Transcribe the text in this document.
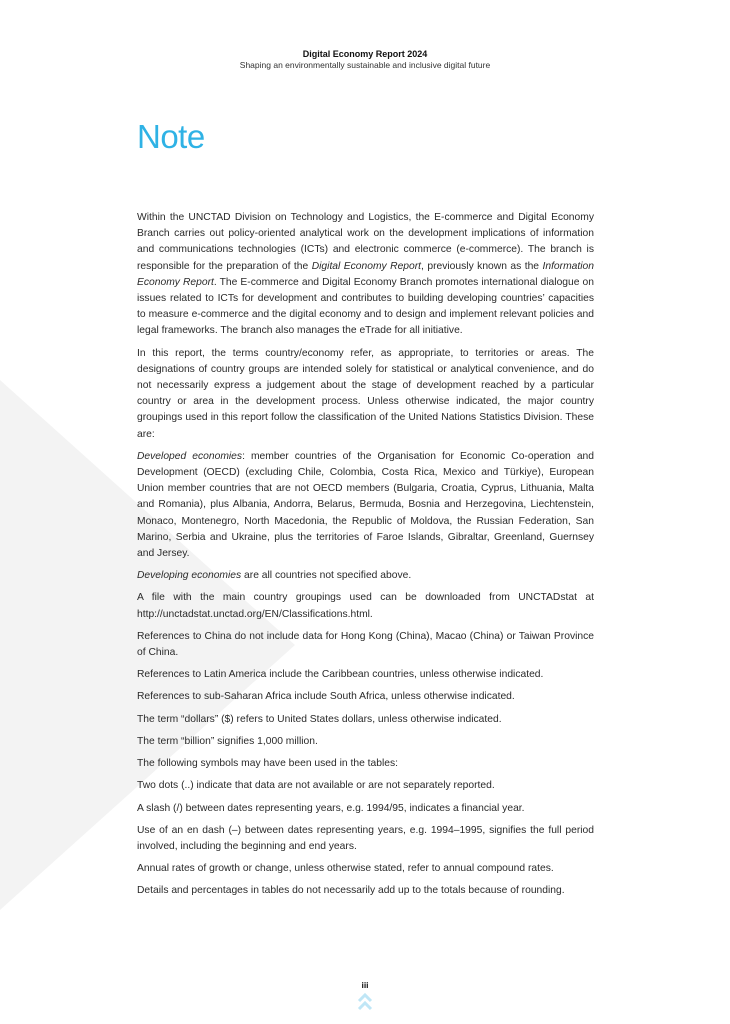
Digital Economy Report 2024
Shaping an environmentally sustainable and inclusive digital future
Note

Within the UNCTAD Division on Technology and Logistics, the E-commerce and Digital Economy Branch carries out policy-oriented analytical work on the development implications of information and communications technologies (ICTs) and electronic commerce (e-commerce). The branch is responsible for the preparation of the Digital Economy Report, previously known as the Information Economy Report. The E-commerce and Digital Economy Branch promotes international dialogue on issues related to ICTs for development and contributes to building developing countries’ capacities to measure e-commerce and the digital economy and to design and implement relevant policies and legal frameworks. The branch also manages the eTrade for all initiative.

In this report, the terms country/economy refer, as appropriate, to territories or areas. The designations of country groups are intended solely for statistical or analytical convenience, and do not necessarily express a judgement about the stage of development reached by a particular country or area in the development process. Unless otherwise indicated, the major country groupings used in this report follow the classification of the United Nations Statistics Division. These are:

Developed economies: member countries of the Organisation for Economic Co-operation and Development (OECD) (excluding Chile, Colombia, Costa Rica, Mexico and Türkiye), European Union member countries that are not OECD members (Bulgaria, Croatia, Cyprus, Lithuania, Malta and Romania), plus Albania, Andorra, Belarus, Bermuda, Bosnia and Herzegovina, Liechtenstein, Monaco, Montenegro, North Macedonia, the Republic of Moldova, the Russian Federation, San Marino, Serbia and Ukraine, plus the territories of Faroe Islands, Gibraltar, Greenland, Guernsey and Jersey.

Developing economies are all countries not specified above.

A file with the main country groupings used can be downloaded from UNCTADstat at http://unctadstat.unctad.org/EN/Classifications.html.

References to China do not include data for Hong Kong (China), Macao (China) or Taiwan Province of China.

References to Latin America include the Caribbean countries, unless otherwise indicated.

References to sub-Saharan Africa include South Africa, unless otherwise indicated.

The term “dollars” ($) refers to United States dollars, unless otherwise indicated.

The term “billion” signifies 1,000 million.

The following symbols may have been used in the tables:

Two dots (..) indicate that data are not available or are not separately reported.

A slash (/) between dates representing years, e.g. 1994/95, indicates a financial year.

Use of an en dash (–) between dates representing years, e.g. 1994–1995, signifies the full period involved, including the beginning and end years.

Annual rates of growth or change, unless otherwise stated, refer to annual compound rates.

Details and percentages in tables do not necessarily add up to the totals because of rounding.

iii
